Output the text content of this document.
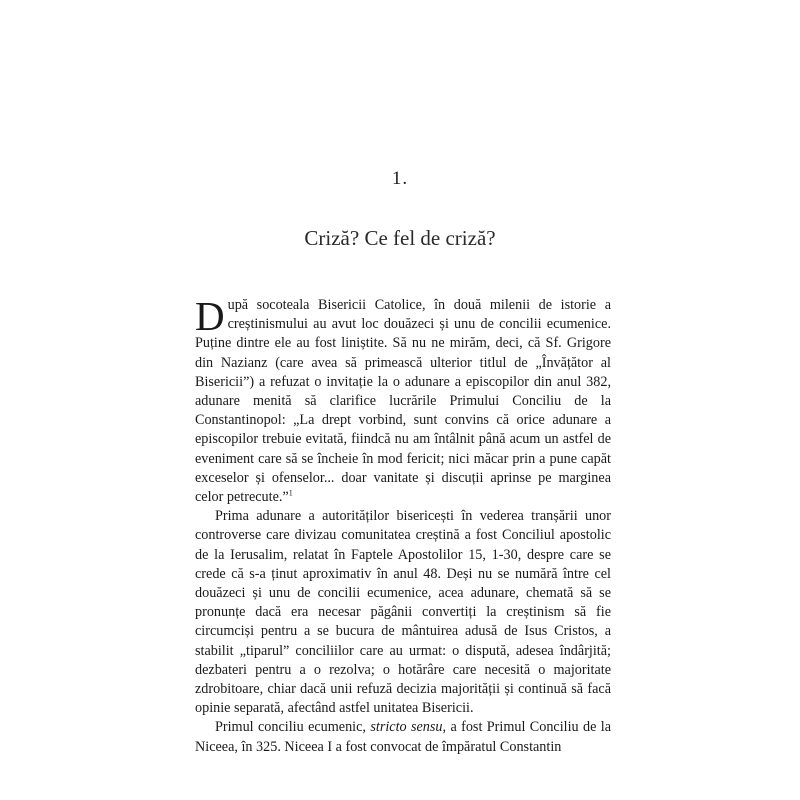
1.
Criză? Ce fel de criză?

După socoteala Bisericii Catolice, în două milenii de istorie a creștinismului au avut loc douăzeci și unu de concilii ecumenice. Puține dintre ele au fost liniștite. Să nu ne mirăm, deci, că Sf. Grigore din Nazianz (care avea să primească ulterior titlul de „Învățător al Bisericii”) a refuzat o invitație la o adunare a episcopilor din anul 382, adunare menită să clarifice lucrările Primului Conciliu de la Constantinopol: „La drept vorbind, sunt convins că orice adunare a episcopilor trebuie evitată, fiindcă nu am întâlnit până acum un astfel de eveniment care să se încheie în mod fericit; nici măcar prin a pune capăt exceselor și ofenselor... doar vanitate și discuții aprinse pe marginea celor petrecute.”$^1$

Prima adunare a autorităților bisericești în vederea tranșării unor controverse care divizau comunitatea creștină a fost Conciliul apostolic de la Ierusalim, relatat în Faptele Apostolilor 15, 1-30, despre care se crede că s-a ținut aproximativ în anul 48. Deși nu se numără între cel douăzeci și unu de concilii ecumenice, acea adunare, chemată să se pronunțe dacă era necesar păgânii convertiți la creștinism să fie circumciși pentru a se bucura de mântuirea adusă de Isus Cristos, a stabilit „tiparul” conciliilor care au urmat: o dispută, adesea îndârjită; dezbateri pentru a o rezolva; o hotărâre care necesită o majoritate zdrobitoare, chiar dacă unii refuză decizia majorității și continuă să facă opinie separată, afectând astfel unitatea Bisericii.

Primul conciliu ecumenic, stricto sensu, a fost Primul Conciliu de la Niceea, în 325. Niceea I a fost convocat de împăratul Constantin
